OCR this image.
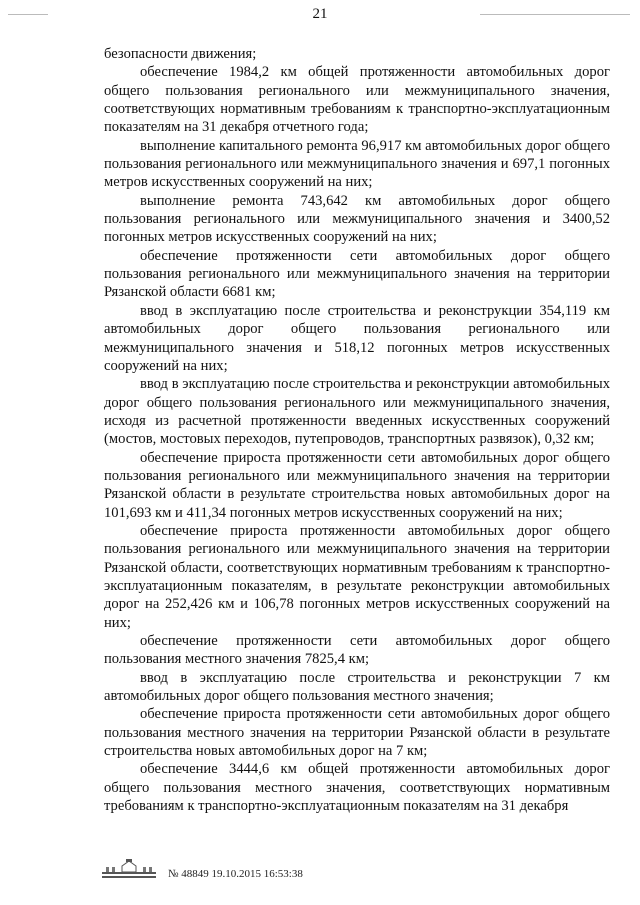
21

безопасности движения;

обеспечение 1984,2 км общей протяженности автомобильных дорог общего пользования регионального или межмуниципального значения, соответствующих нормативным требованиям к транспортно-эксплуатационным показателям на 31 декабря отчетного года;

выполнение капитального ремонта 96,917 км автомобильных дорог общего пользования регионального или межмуниципального значения и 697,1 погонных метров искусственных сооружений на них;

выполнение ремонта 743,642 км автомобильных дорог общего пользования регионального или межмуниципального значения и 3400,52 погонных метров искусственных сооружений на них;

обеспечение протяженности сети автомобильных дорог общего пользования регионального или межмуниципального значения на территории Рязанской области 6681 км;

ввод в эксплуатацию после строительства и реконструкции 354,119 км автомобильных дорог общего пользования регионального или межмуниципального значения и 518,12 погонных метров искусственных сооружений на них;

ввод в эксплуатацию после строительства и реконструкции автомобильных дорог общего пользования регионального или межмуниципального значения, исходя из расчетной протяженности введенных искусственных сооружений (мостов, мостовых переходов, путепроводов, транспортных развязок), 0,32 км;

обеспечение прироста протяженности сети автомобильных дорог общего пользования регионального или межмуниципального значения на территории Рязанской области в результате строительства новых автомобильных дорог на 101,693 км и 411,34 погонных метров искусственных сооружений на них;

обеспечение прироста протяженности автомобильных дорог общего пользования регионального или межмуниципального значения на территории Рязанской области, соответствующих нормативным требованиям к транспортно-эксплуатационным показателям, в результате реконструкции автомобильных дорог на 252,426 км и 106,78 погонных метров искусственных сооружений на них;

обеспечение протяженности сети автомобильных дорог общего пользования местного значения 7825,4 км;

ввод в эксплуатацию после строительства и реконструкции 7 км автомобильных дорог общего пользования местного значения;

обеспечение прироста протяженности сети автомобильных дорог общего пользования местного значения на территории Рязанской области в результате строительства новых автомобильных дорог на 7 км;

обеспечение 3444,6 км общей протяженности автомобильных дорог общего пользования местного значения, соответствующих нормативным требованиям к транспортно-эксплуатационным показателям на 31 декабря

№ 48849 19.10.2015 16:53:38
